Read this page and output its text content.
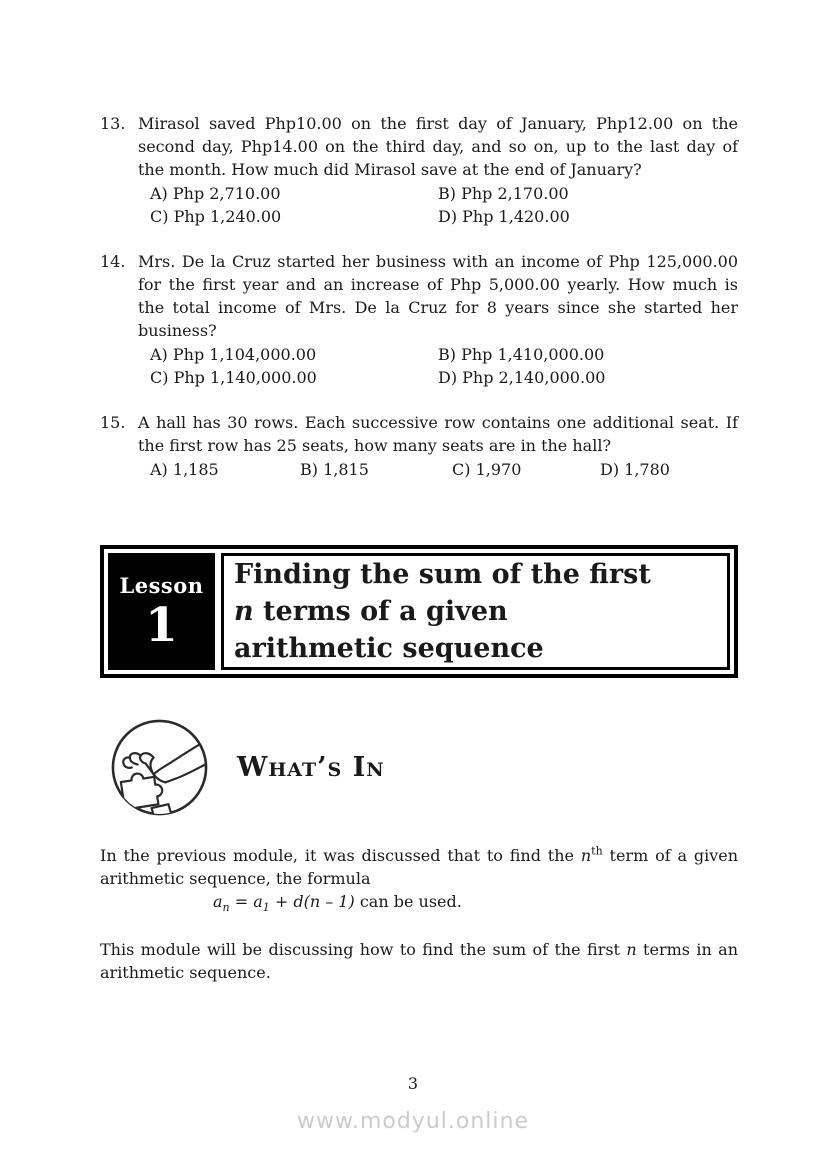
13. Mirasol saved Php10.00 on the first day of January, Php12.00 on the second day, Php14.00 on the third day, and so on, up to the last day of the month. How much did Mirasol save at the end of January?

A) Php 2,710.00	B) Php 2,170.00
C) Php 1,240.00	D) Php 1,420.00
14. Mrs. De la Cruz started her business with an income of Php 125,000.00 for the first year and an increase of Php 5,000.00 yearly. How much is the total income of Mrs. De la Cruz for 8 years since she started her business?

A) Php 1,104,000.00	B) Php 1,410,000.00
C) Php 1,140,000.00	D) Php 2,140,000.00
15. A hall has 30 rows. Each successive row contains one additional seat. If the first row has 25 seats, how many seats are in the hall?

A) 1,185	B) 1,815	C) 1,970	D) 1,780
Lesson
1
Finding the sum of the first
n terms of a given
arithmetic sequence
What’s In

In the previous module, it was discussed that to find the $n^{th}$ term of a given arithmetic sequence, the formula

$a_n = a_1 + d(n - 1)$ can be used.

This module will be discussing how to find the sum of the first n terms in an arithmetic sequence.

3
www.modyul.online
